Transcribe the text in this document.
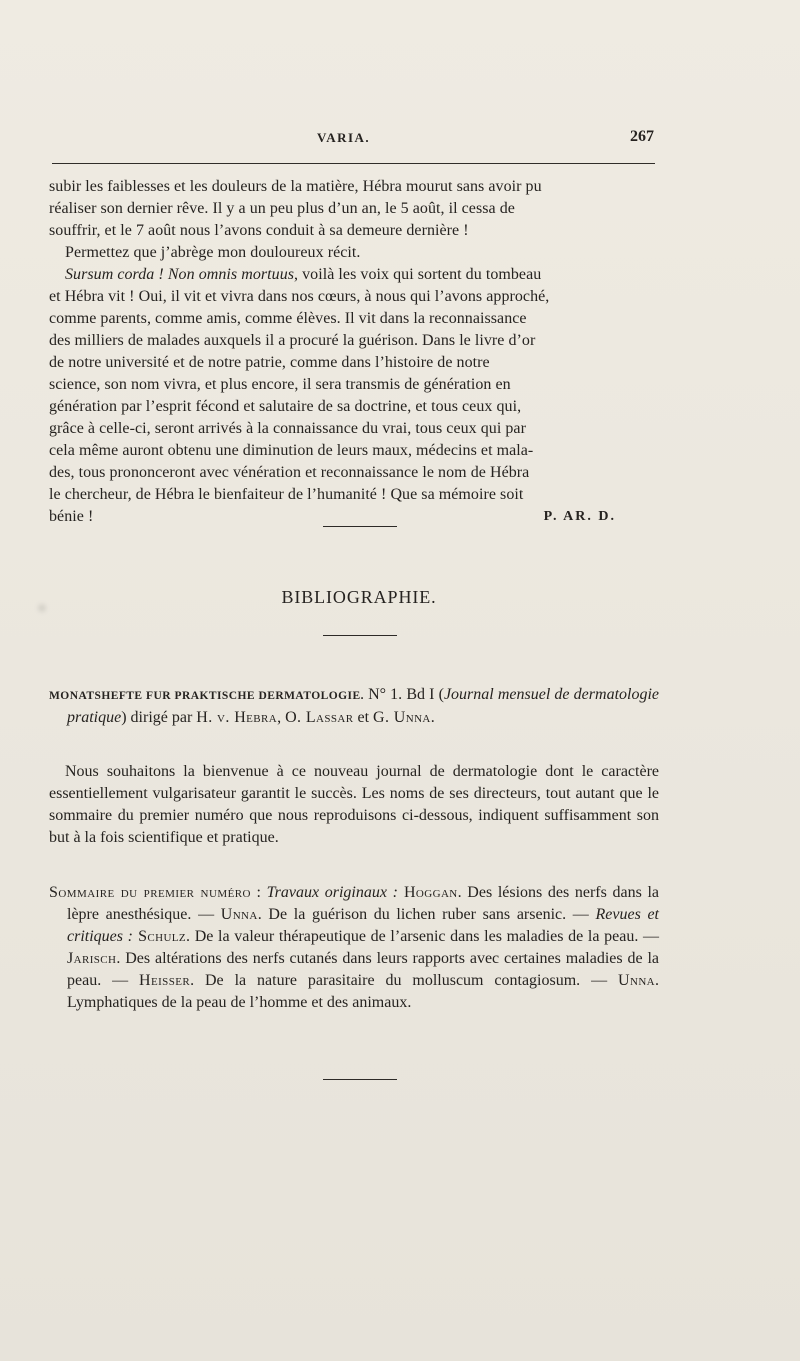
VARIA.	267
subir les faiblesses et les douleurs de la matière, Hébra mourut sans avoir pu
réaliser son dernier rêve. Il y a un peu plus d’un an, le 5 août, il cessa de
souffrir, et le 7 août nous l’avons conduit à sa demeure dernière !
Permettez que j’abrège mon douloureux récit.
Sursum corda ! Non omnis mortuus, voilà les voix qui sortent du tombeau
et Hébra vit ! Oui, il vit et vivra dans nos cœurs, à nous qui l’avons approché,
comme parents, comme amis, comme élèves. Il vit dans la reconnaissance
des milliers de malades auxquels il a procuré la guérison. Dans le livre d’or
de notre université et de notre patrie, comme dans l’histoire de notre
science, son nom vivra, et plus encore, il sera transmis de génération en
génération par l’esprit fécond et salutaire de sa doctrine, et tous ceux qui,
grâce à celle-ci, seront arrivés à la connaissance du vrai, tous ceux qui par
cela même auront obtenu une diminution de leurs maux, médecins et mala-
des, tous prononceront avec vénération et reconnaissance le nom de Hébra
le chercheur, de Hébra le bienfaiteur de l’humanité ! Que sa mémoire soit
bénie !	P. AR. D.
BIBLIOGRAPHIE.

MONATSHEFTE FUR PRAKTISCHE DERMATOLOGIE. N° 1. Bd I (Journal mensuel de dermatologie pratique) dirigé par H. v. Hebra, O. Lassar et G. Unna.

Nous souhaitons la bienvenue à ce nouveau journal de dermatologie dont le caractère essentiellement vulgarisateur garantit le succès. Les noms de ses directeurs, tout autant que le sommaire du premier numéro que nous reproduisons ci-dessous, indiquent suffisamment son but à la fois scientifique et pratique.

Sommaire du premier numéro : Travaux originaux : Hoggan. Des lésions des nerfs dans la lèpre anesthésique. — Unna. De la guérison du lichen ruber sans arsenic. — Revues et critiques : Schulz. De la valeur thérapeutique de l’arsenic dans les maladies de la peau. — Jarisch. Des altérations des nerfs cutanés dans leurs rapports avec certaines maladies de la peau. — Heisser. De la nature parasitaire du molluscum contagiosum. — Unna. Lymphatiques de la peau de l’homme et des animaux.
